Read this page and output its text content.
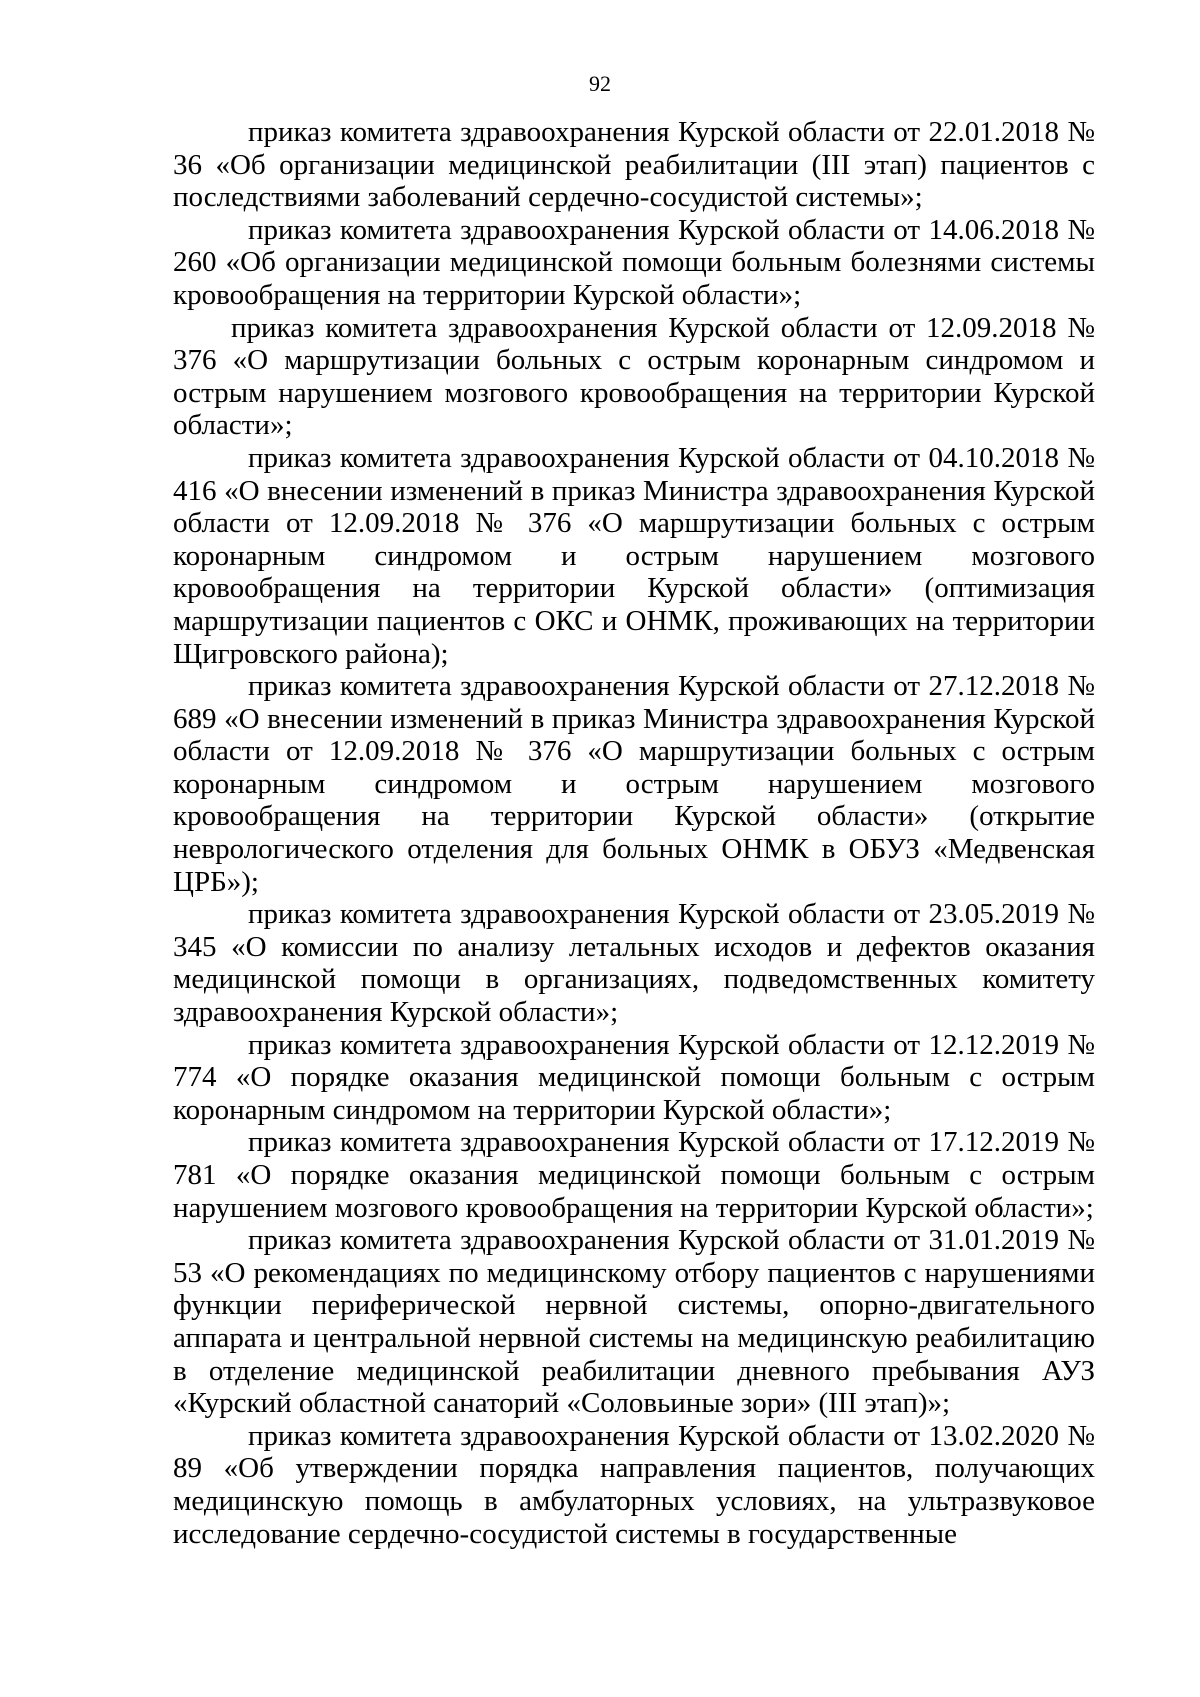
92

приказ комитета здравоохранения Курской области от 22.01.2018 № 36 «Об организации медицинской реабилитации (III этап) пациентов с последствиями заболеваний сердечно-сосудистой системы»;

приказ комитета здравоохранения Курской области от 14.06.2018 № 260 «Об организации медицинской помощи больным болезнями системы кровообращения на территории Курской области»;

приказ комитета здравоохранения Курской области от 12.09.2018 № 376 «О маршрутизации больных с острым коронарным синдромом и острым нарушением мозгового кровообращения на территории Курской области»;

приказ комитета здравоохранения Курской области от 04.10.2018 № 416 «О внесении изменений в приказ Министра здравоохранения Курской области от 12.09.2018 № 376 «О маршрутизации больных с острым коронарным синдромом и острым нарушением мозгового кровообращения на территории Курской области» (оптимизация маршрутизации пациентов с ОКС и ОНМК, проживающих на территории Щигровского района);

приказ комитета здравоохранения Курской области от 27.12.2018 № 689 «О внесении изменений в приказ Министра здравоохранения Курской области от 12.09.2018 № 376 «О маршрутизации больных с острым коронарным синдромом и острым нарушением мозгового кровообращения на территории Курской области» (открытие неврологического отделения для больных ОНМК в ОБУЗ «Медвенская ЦРБ»);

приказ комитета здравоохранения Курской области от 23.05.2019 № 345 «О комиссии по анализу летальных исходов и дефектов оказания медицинской помощи в организациях, подведомственных комитету здравоохранения Курской области»;

приказ комитета здравоохранения Курской области от 12.12.2019 № 774 «О порядке оказания медицинской помощи больным с острым коронарным синдромом на территории Курской области»;

приказ комитета здравоохранения Курской области от 17.12.2019 № 781 «О порядке оказания медицинской помощи больным с острым нарушением мозгового кровообращения на территории Курской области»;

приказ комитета здравоохранения Курской области от 31.01.2019 № 53 «О рекомендациях по медицинскому отбору пациентов с нарушениями функции периферической нервной системы, опорно-двигательного аппарата и центральной нервной системы на медицинскую реабилитацию в отделение медицинской реабилитации дневного пребывания АУЗ «Курский областной санаторий «Соловьиные зори» (III этап)»;

приказ комитета здравоохранения Курской области от 13.02.2020 № 89 «Об утверждении порядка направления пациентов, получающих медицинскую помощь в амбулаторных условиях, на ультразвуковое исследование сердечно-сосудистой системы в государственные
